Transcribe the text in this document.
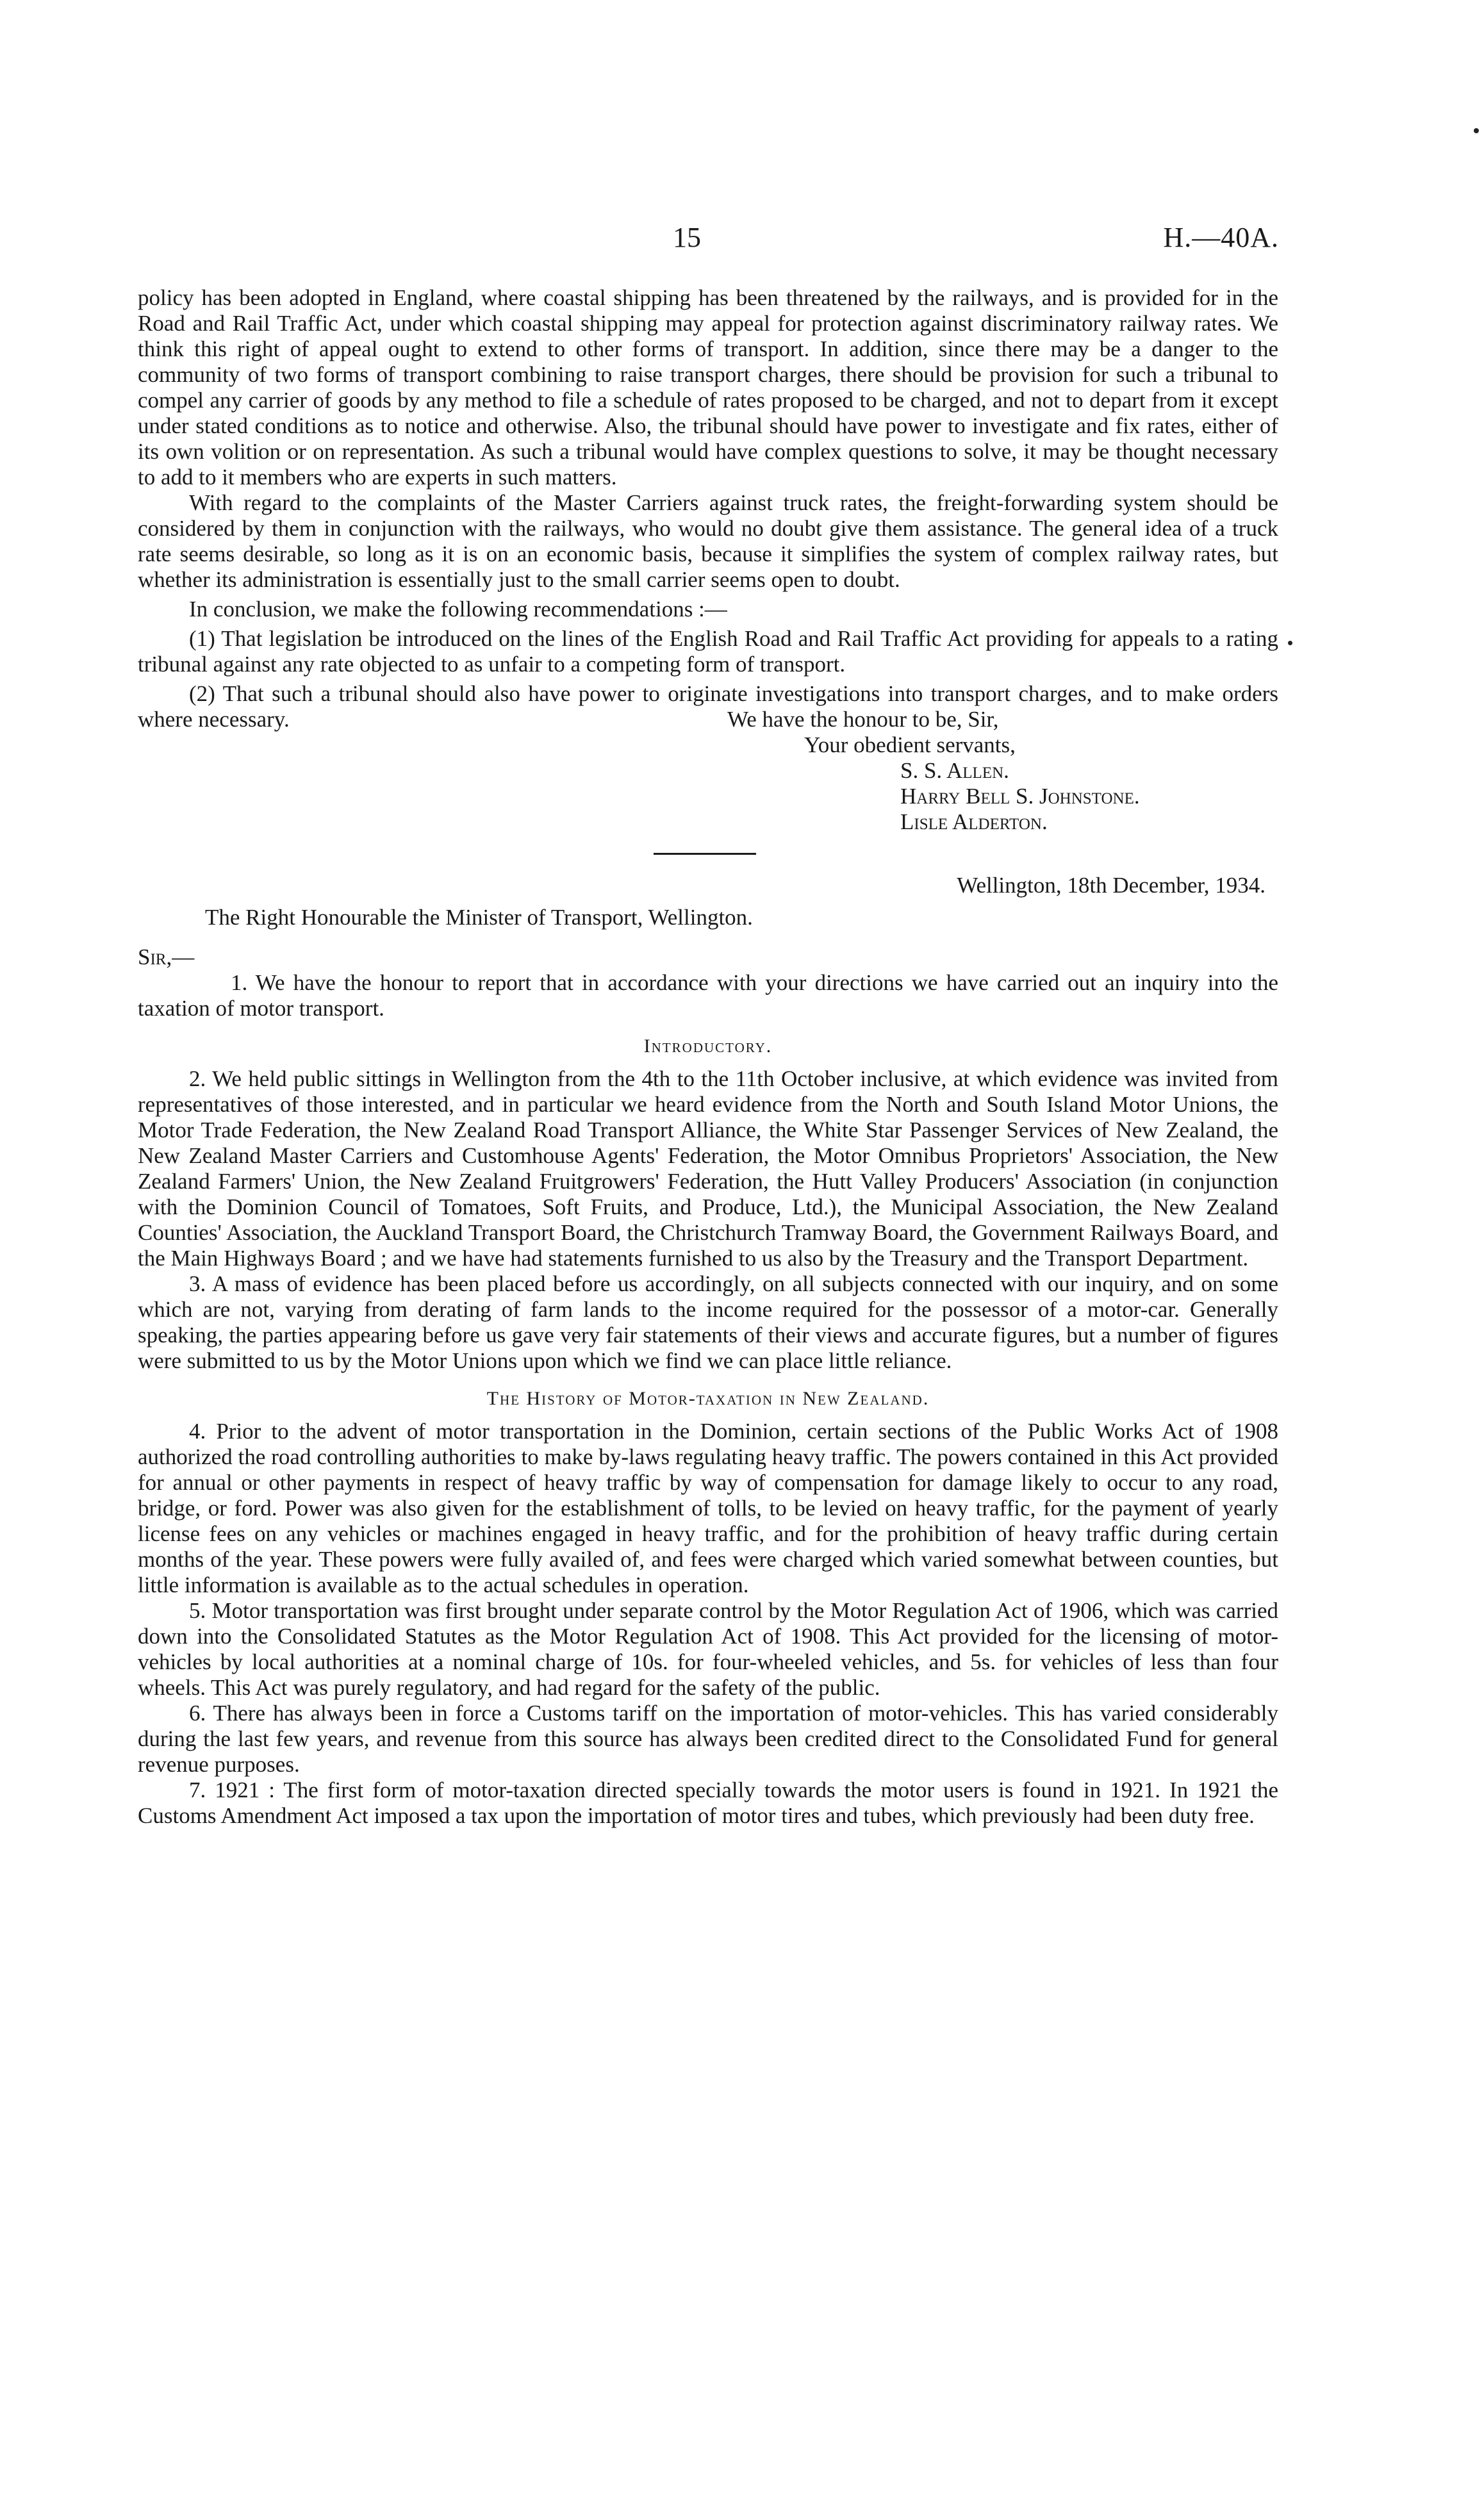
15	H.—40A.

policy has been adopted in England, where coastal shipping has been threatened by the railways, and is provided for in the Road and Rail Traffic Act, under which coastal shipping may appeal for protection against discriminatory railway rates. We think this right of appeal ought to extend to other forms of transport. In addition, since there may be a danger to the community of two forms of transport combining to raise transport charges, there should be provision for such a tribunal to compel any carrier of goods by any method to file a schedule of rates proposed to be charged, and not to depart from it except under stated conditions as to notice and otherwise. Also, the tribunal should have power to investigate and fix rates, either of its own volition or on representation. As such a tribunal would have complex questions to solve, it may be thought necessary to add to it members who are experts in such matters.

With regard to the complaints of the Master Carriers against truck rates, the freight-forwarding system should be considered by them in conjunction with the railways, who would no doubt give them assistance. The general idea of a truck rate seems desirable, so long as it is on an economic basis, because it simplifies the system of complex railway rates, but whether its administration is essentially just to the small carrier seems open to doubt.

In conclusion, we make the following recommendations :—

(1) That legislation be introduced on the lines of the English Road and Rail Traffic Act providing for appeals to a rating tribunal against any rate objected to as unfair to a competing form of transport.

(2) That such a tribunal should also have power to originate investigations into transport charges, and to make orders where necessary.	We have the honour to be, Sir,
Your obedient servants,
S. S. Allen.
Harry Bell S. Johnstone.
Lisle Alderton.

Wellington, 18th December, 1934.

The Right Honourable the Minister of Transport, Wellington.

Sir,—

1. We have the honour to report that in accordance with your directions we have carried out an inquiry into the taxation of motor transport.

Introductory.

2. We held public sittings in Wellington from the 4th to the 11th October inclusive, at which evidence was invited from representatives of those interested, and in particular we heard evidence from the North and South Island Motor Unions, the Motor Trade Federation, the New Zealand Road Transport Alliance, the White Star Passenger Services of New Zealand, the New Zealand Master Carriers and Customhouse Agents' Federation, the Motor Omnibus Proprietors' Association, the New Zealand Farmers' Union, the New Zealand Fruitgrowers' Federation, the Hutt Valley Producers' Association (in conjunction with the Dominion Council of Tomatoes, Soft Fruits, and Produce, Ltd.), the Municipal Association, the New Zealand Counties' Association, the Auckland Transport Board, the Christchurch Tramway Board, the Government Railways Board, and the Main Highways Board ; and we have had statements furnished to us also by the Treasury and the Transport Department.

3. A mass of evidence has been placed before us accordingly, on all subjects connected with our inquiry, and on some which are not, varying from derating of farm lands to the income required for the possessor of a motor-car. Generally speaking, the parties appearing before us gave very fair statements of their views and accurate figures, but a number of figures were submitted to us by the Motor Unions upon which we find we can place little reliance.

The History of Motor-taxation in New Zealand.

4. Prior to the advent of motor transportation in the Dominion, certain sections of the Public Works Act of 1908 authorized the road controlling authorities to make by-laws regulating heavy traffic. The powers contained in this Act provided for annual or other payments in respect of heavy traffic by way of compensation for damage likely to occur to any road, bridge, or ford. Power was also given for the establishment of tolls, to be levied on heavy traffic, for the payment of yearly license fees on any vehicles or machines engaged in heavy traffic, and for the prohibition of heavy traffic during certain months of the year. These powers were fully availed of, and fees were charged which varied somewhat between counties, but little information is available as to the actual schedules in operation.

5. Motor transportation was first brought under separate control by the Motor Regulation Act of 1906, which was carried down into the Consolidated Statutes as the Motor Regulation Act of 1908. This Act provided for the licensing of motor-vehicles by local authorities at a nominal charge of 10s. for four-wheeled vehicles, and 5s. for vehicles of less than four wheels. This Act was purely regulatory, and had regard for the safety of the public.

6. There has always been in force a Customs tariff on the importation of motor-vehicles. This has varied considerably during the last few years, and revenue from this source has always been credited direct to the Consolidated Fund for general revenue purposes.

7. 1921 : The first form of motor-taxation directed specially towards the motor users is found in 1921. In 1921 the Customs Amendment Act imposed a tax upon the importation of motor tires and tubes, which previously had been duty free.
